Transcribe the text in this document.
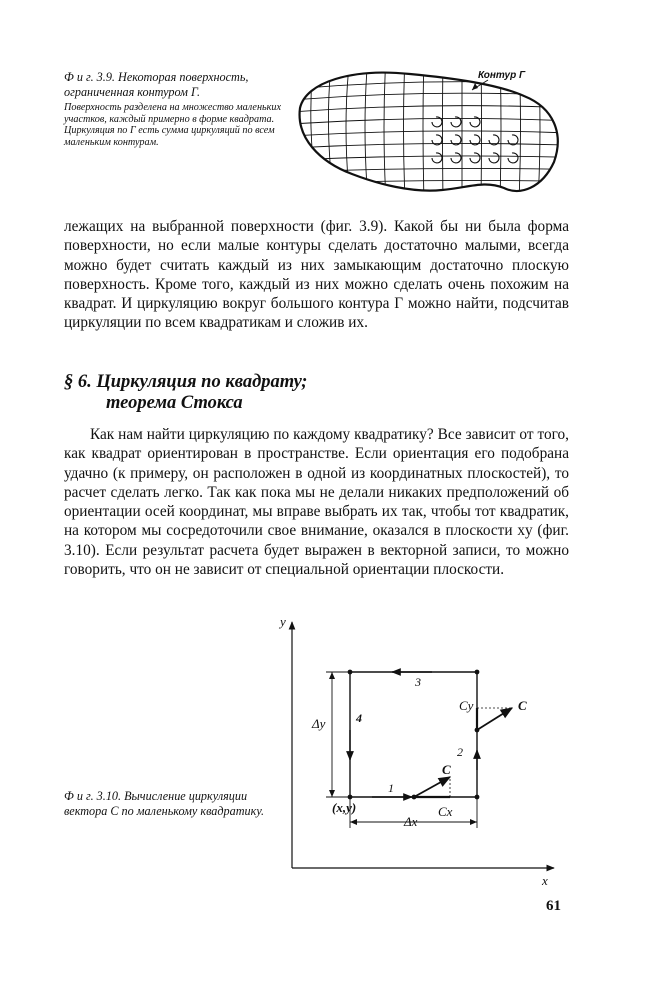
Ф и г. 3.9. Некоторая поверхность, ограниченная контуром Г.

Поверхность разделена на множество маленьких участков, каждый примерно в форме квадрата. Циркуляция по Г есть сумма циркуляций по всем маленьким контурам.

Контур Г

лежащих на выбранной поверхности (фиг. 3.9). Какой бы ни была форма поверхности, но если малые контуры сделать достаточно малыми, всегда можно будет считать каждый из них замыкающим достаточно плоскую поверхность. Кроме того, каждый из них можно сделать очень похожим на квадрат. И циркуляцию вокруг большого контура Г можно найти, подсчитав циркуляции по всем квадратикам и сложив их.

§ 6. Циркуляция по квадрату;
теорема Стокса

Как нам найти циркуляцию по каждому квадратику? Все зависит от того, как квадрат ориентирован в пространстве. Если ориентация его подобрана удачно (к примеру, он расположен в одной из координатных плоскостей), то расчет сделать легко. Так как пока мы не делали никаких предположений об ориентации осей координат, мы вправе выбрать их так, чтобы тот квадратик, на котором мы сосредоточили свое внимание, оказался в плоскости xy (фиг. 3.10). Если результат расчета будет выражен в векторной записи, то можно говорить, что он не зависит от специальной ориентации плоскости.

Ф и г. 3.10. Вычисление циркуляции вектора C по маленькому квадратику.

y
x
C
Cx
C
Cy
1
2
3
4
Δy
Δx
(x,y)
61
